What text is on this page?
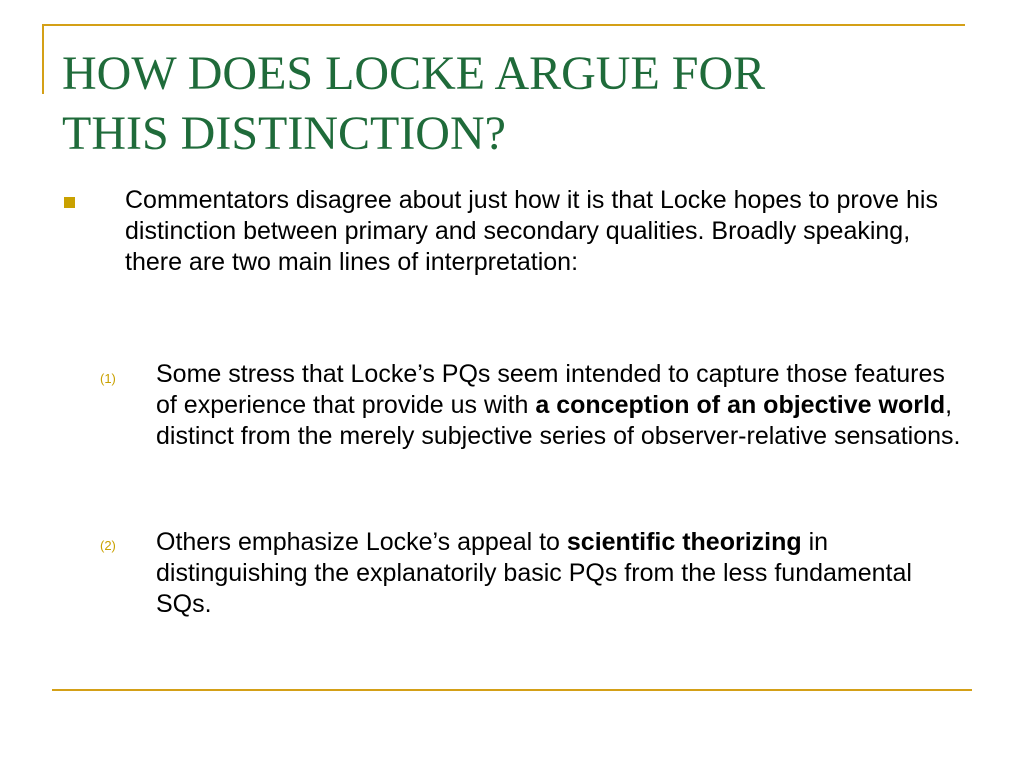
HOW DOES LOCKE ARGUE FOR
THIS DISTINCTION?

Commentators disagree about just how it is that Locke hopes to prove his distinction between primary and secondary qualities. Broadly speaking, there are two main lines of interpretation:

(1) Some stress that Locke’s PQs seem intended to capture those features of experience that provide us with a conception of an objective world, distinct from the merely subjective series of observer-relative sensations.

(2) Others emphasize Locke’s appeal to scientific theorizing in distinguishing the explanatorily basic PQs from the less fundamental SQs.
